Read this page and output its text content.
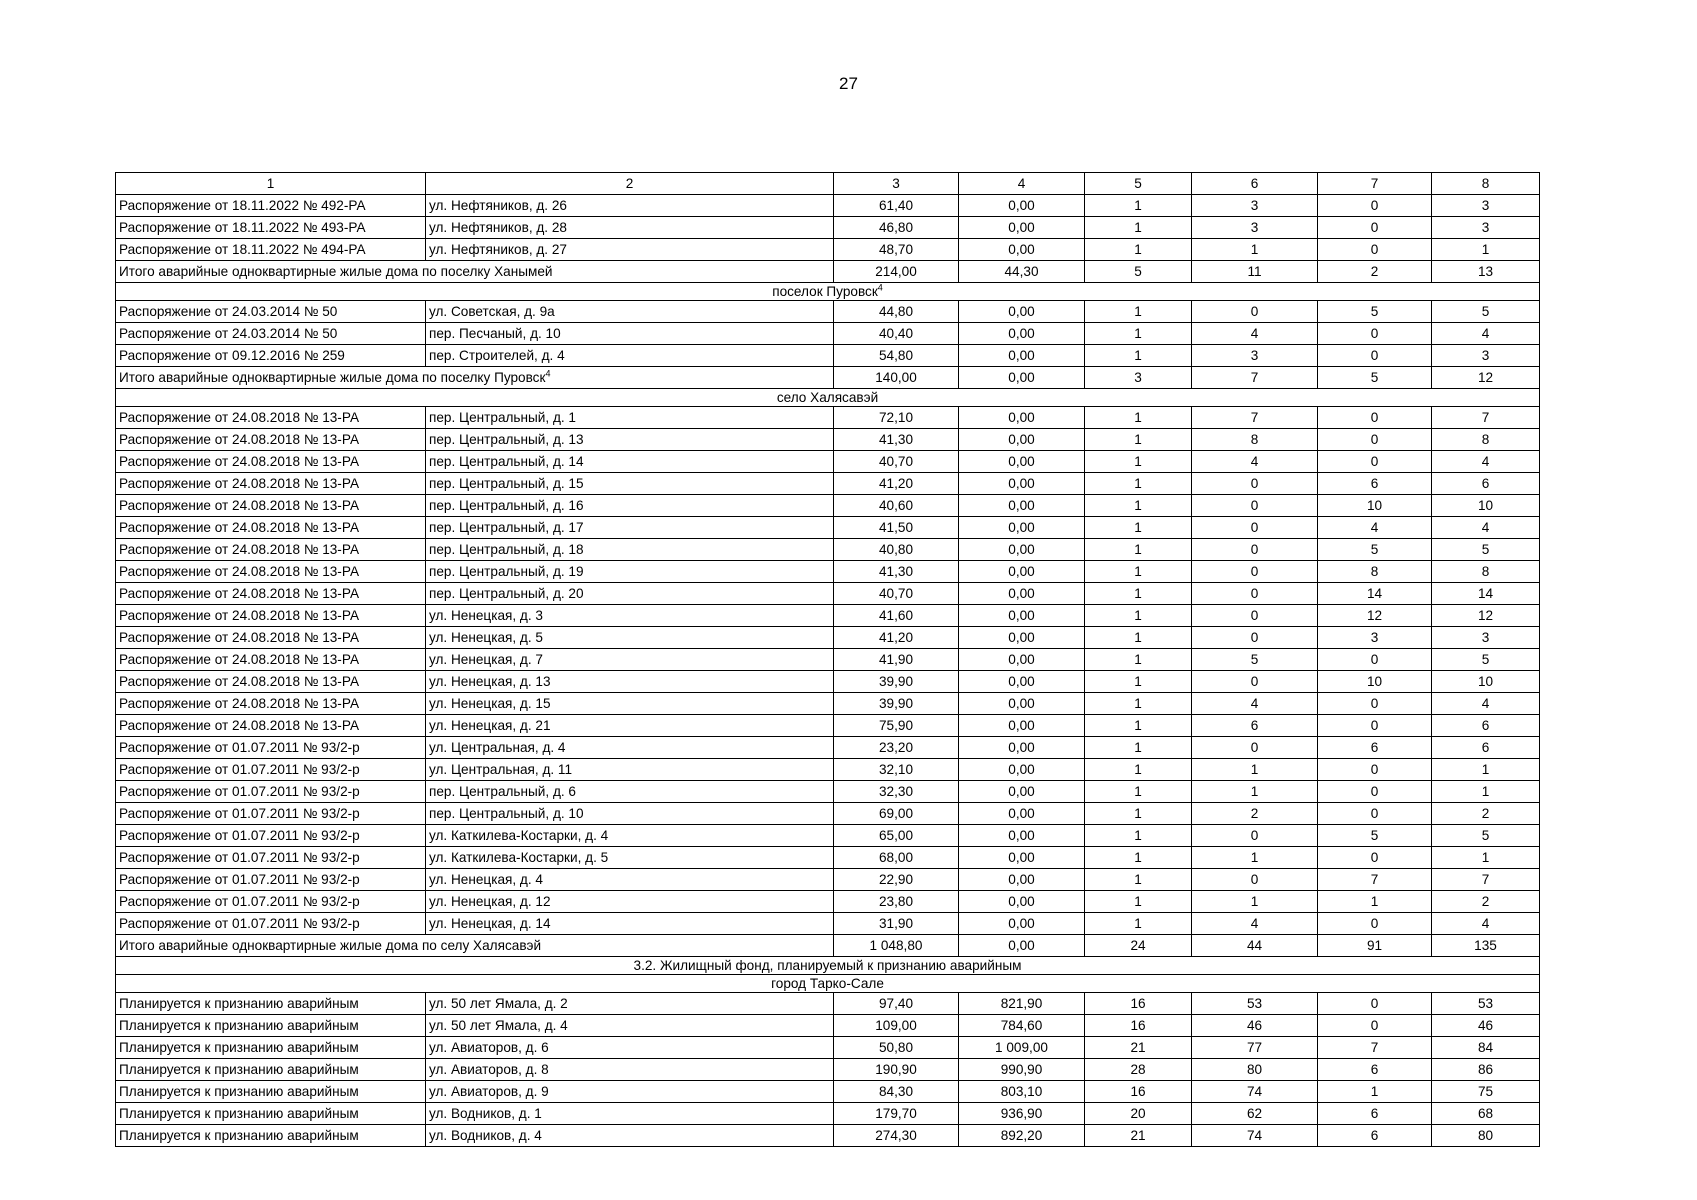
27
1	2	3	4	5	6	7	8
Распоряжение от 18.11.2022 № 492-РА	ул. Нефтяников, д. 26	61,40	0,00	1	3	0	3
Распоряжение от 18.11.2022 № 493-РА	ул. Нефтяников, д. 28	46,80	0,00	1	3	0	3
Распоряжение от 18.11.2022 № 494-РА	ул. Нефтяников, д. 27	48,70	0,00	1	1	0	1
Итого аварийные одноквартирные жилые дома по поселку Ханымей		214,00	44,30	5	11	2	13
поселок Пуровск$^4$
Распоряжение от 24.03.2014 № 50	ул. Советская, д. 9а	44,80	0,00	1	0	5	5
Распоряжение от 24.03.2014 № 50	пер. Песчаный, д. 10	40,40	0,00	1	4	0	4
Распоряжение от 09.12.2016 № 259	пер. Строителей, д. 4	54,80	0,00	1	3	0	3
Итого аварийные одноквартирные жилые дома по поселку Пуровск$^4$		140,00	0,00	3	7	5	12
село Халясавэй							
Распоряжение от 24.08.2018 № 13-РА	пер. Центральный, д. 1	72,10	0,00	1	7	0	7
Распоряжение от 24.08.2018 № 13-РА	пер. Центральный, д. 13	41,30	0,00	1	8	0	8
Распоряжение от 24.08.2018 № 13-РА	пер. Центральный, д. 14	40,70	0,00	1	4	0	4
Распоряжение от 24.08.2018 № 13-РА	пер. Центральный, д. 15	41,20	0,00	1	0	6	6
Распоряжение от 24.08.2018 № 13-РА	пер. Центральный, д. 16	40,60	0,00	1	0	10	10
Распоряжение от 24.08.2018 № 13-РА	пер. Центральный, д. 17	41,50	0,00	1	0	4	4
Распоряжение от 24.08.2018 № 13-РА	пер. Центральный, д. 18	40,80	0,00	1	0	5	5
Распоряжение от 24.08.2018 № 13-РА	пер. Центральный, д. 19	41,30	0,00	1	0	8	8
Распоряжение от 24.08.2018 № 13-РА	пер. Центральный, д. 20	40,70	0,00	1	0	14	14
Распоряжение от 24.08.2018 № 13-РА	ул. Ненецкая, д. 3	41,60	0,00	1	0	12	12
Распоряжение от 24.08.2018 № 13-РА	ул. Ненецкая, д. 5	41,20	0,00	1	0	3	3
Распоряжение от 24.08.2018 № 13-РА	ул. Ненецкая, д. 7	41,90	0,00	1	5	0	5
Распоряжение от 24.08.2018 № 13-РА	ул. Ненецкая, д. 13	39,90	0,00	1	0	10	10
Распоряжение от 24.08.2018 № 13-РА	ул. Ненецкая, д. 15	39,90	0,00	1	4	0	4
Распоряжение от 24.08.2018 № 13-РА	ул. Ненецкая, д. 21	75,90	0,00	1	6	0	6
Распоряжение от 01.07.2011 № 93/2-р	ул. Центральная, д. 4	23,20	0,00	1	0	6	6
Распоряжение от 01.07.2011 № 93/2-р	ул. Центральная, д. 11	32,10	0,00	1	1	0	1
Распоряжение от 01.07.2011 № 93/2-р	пер. Центральный, д. 6	32,30	0,00	1	1	0	1
Распоряжение от 01.07.2011 № 93/2-р	пер. Центральный, д. 10	69,00	0,00	1	2	0	2
Распоряжение от 01.07.2011 № 93/2-р	ул. Каткилева-Костарки, д. 4	65,00	0,00	1	0	5	5
Распоряжение от 01.07.2011 № 93/2-р	ул. Каткилева-Костарки, д. 5	68,00	0,00	1	1	0	1
Распоряжение от 01.07.2011 № 93/2-р	ул. Ненецкая, д. 4	22,90	0,00	1	0	7	7
Распоряжение от 01.07.2011 № 93/2-р	ул. Ненецкая, д. 12	23,80	0,00	1	1	1	2
Распоряжение от 01.07.2011 № 93/2-р	ул. Ненецкая, д. 14	31,90	0,00	1	4	0	4
Итого аварийные одноквартирные жилые дома по селу Халясавэй		1 048,80	0,00	24	44	91	135
3.2. Жилищный фонд, планируемый к признанию аварийным							
город Тарко-Сале							
Планируется к признанию аварийным	ул. 50 лет Ямала, д. 2	97,40	821,90	16	53	0	53
Планируется к признанию аварийным	ул. 50 лет Ямала, д. 4	109,00	784,60	16	46	0	46
Планируется к признанию аварийным	ул. Авиаторов, д. 6	50,80	1 009,00	21	77	7	84
Планируется к признанию аварийным	ул. Авиаторов, д. 8	190,90	990,90	28	80	6	86
Планируется к признанию аварийным	ул. Авиаторов, д. 9	84,30	803,10	16	74	1	75
Планируется к признанию аварийным	ул. Водников, д. 1	179,70	936,90	20	62	6	68
Планируется к признанию аварийным	ул. Водников, д. 4	274,30	892,20	21	74	6	80
